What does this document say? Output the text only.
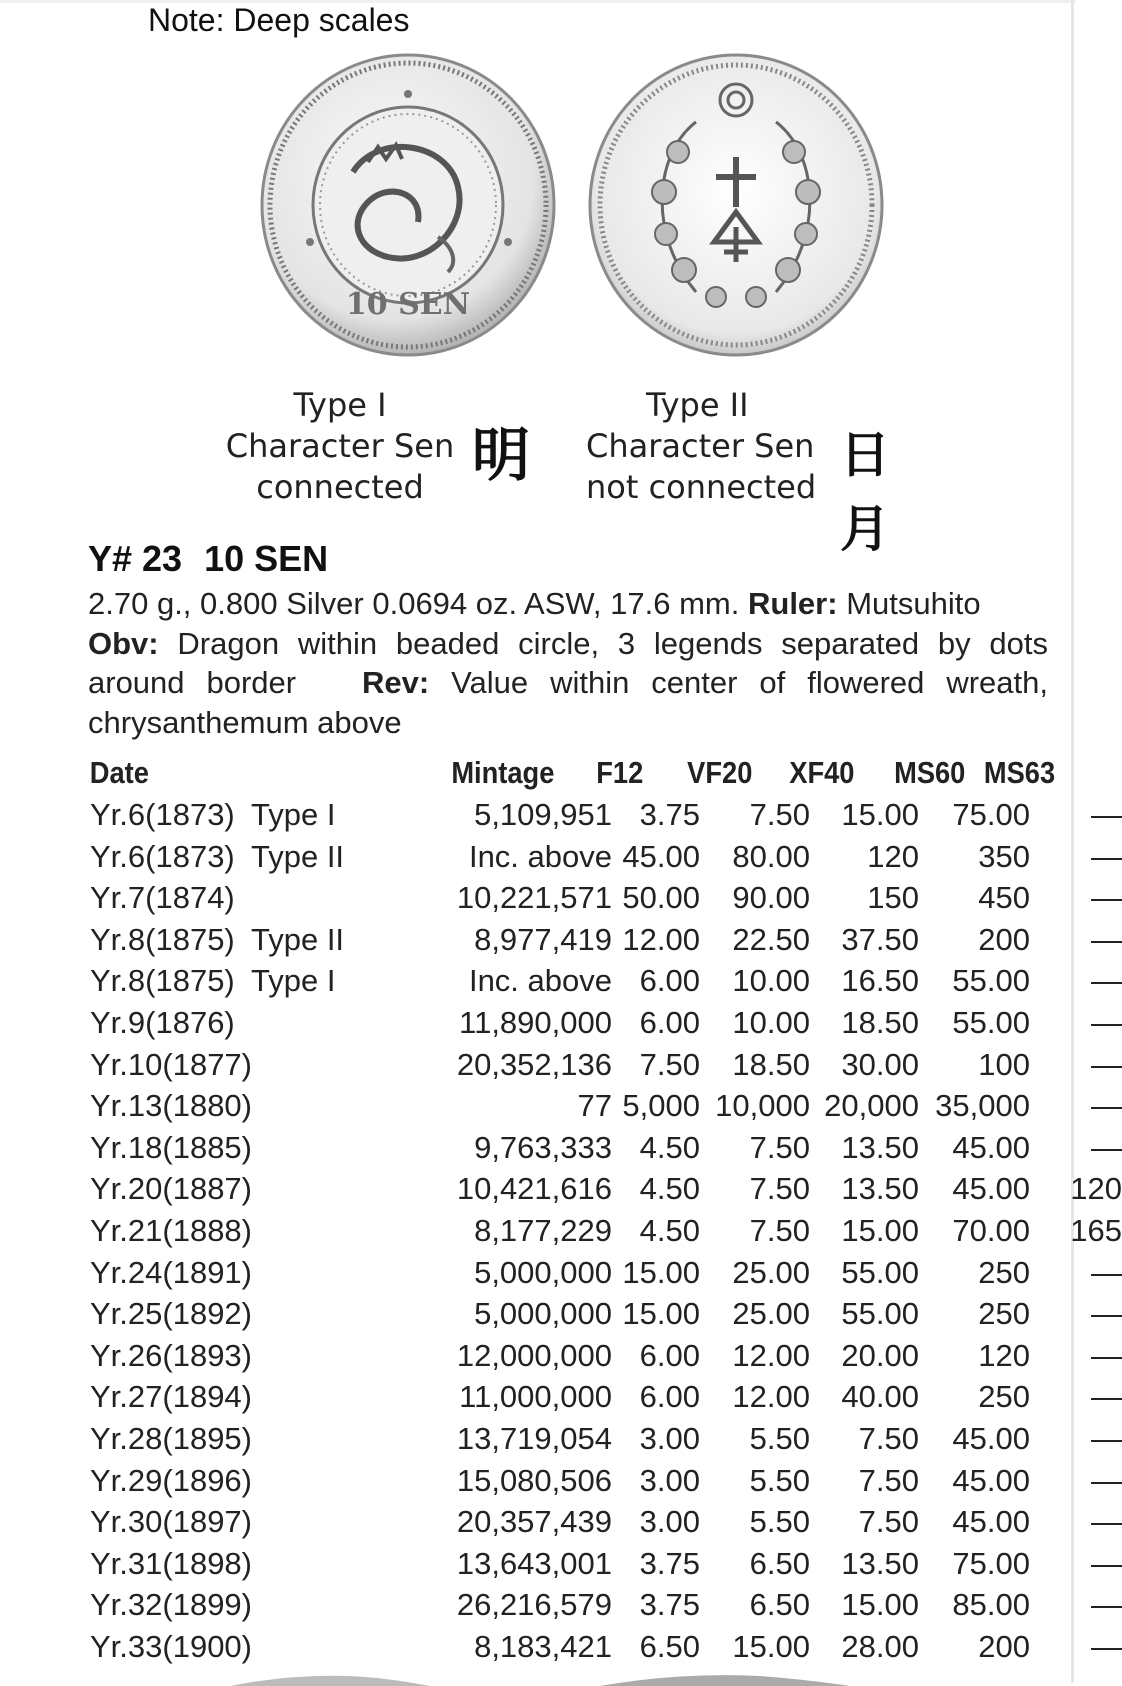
Note: Deep scales
10 SEN
Type I
Character Sen
connected 明
Type II
Character Sen
not connected
日月
Y# 23 10 SEN
2.70 g., 0.800 Silver 0.0694 oz. ASW, 17.6 mm. Ruler: Mutsuhito
Obv: Dragon within beaded circle, 3 legends separated by dots around border Rev: Value within center of flowered wreath, chrysanthemum above
Date	Mintage F12 VF20 XF40 MS60 MS63
Yr.6(1873) Type I	5,109,951 3.75 7.50 15.00 75.00 —
Yr.6(1873) Type II	Inc. above 45.00 80.00 120 350 —
Yr.7(1874)	10,221,571 50.00 90.00 150 450 —
Yr.8(1875) Type II	8,977,419 12.00 22.50 37.50 200 —
Yr.8(1875) Type I	Inc. above 6.00 10.00 16.50 55.00 —
Yr.9(1876)	11,890,000 6.00 10.00 18.50 55.00 —
Yr.10(1877)	20,352,136 7.50 18.50 30.00 100 —
Yr.13(1880)	77 5,000 10,000 20,000 35,000 —
Yr.18(1885)	9,763,333 4.50 7.50 13.50 45.00 —
Yr.20(1887)	10,421,616 4.50 7.50 13.50 45.00 120
Yr.21(1888)	8,177,229 4.50 7.50 15.00 70.00 165
Yr.24(1891)	5,000,000 15.00 25.00 55.00 250 —
Yr.25(1892)	5,000,000 15.00 25.00 55.00 250 —
Yr.26(1893)	12,000,000 6.00 12.00 20.00 120 —
Yr.27(1894)	11,000,000 6.00 12.00 40.00 250 —
Yr.28(1895)	13,719,054 3.00 5.50 7.50 45.00 —
Yr.29(1896)	15,080,506 3.00 5.50 7.50 45.00 —
Yr.30(1897)	20,357,439 3.00 5.50 7.50 45.00 —
Yr.31(1898)	13,643,001 3.75 6.50 13.50 75.00 —
Yr.32(1899)	26,216,579 3.75 6.50 15.00 85.00 —
Yr.33(1900)	8,183,421 6.50 15.00 28.00 200 —
